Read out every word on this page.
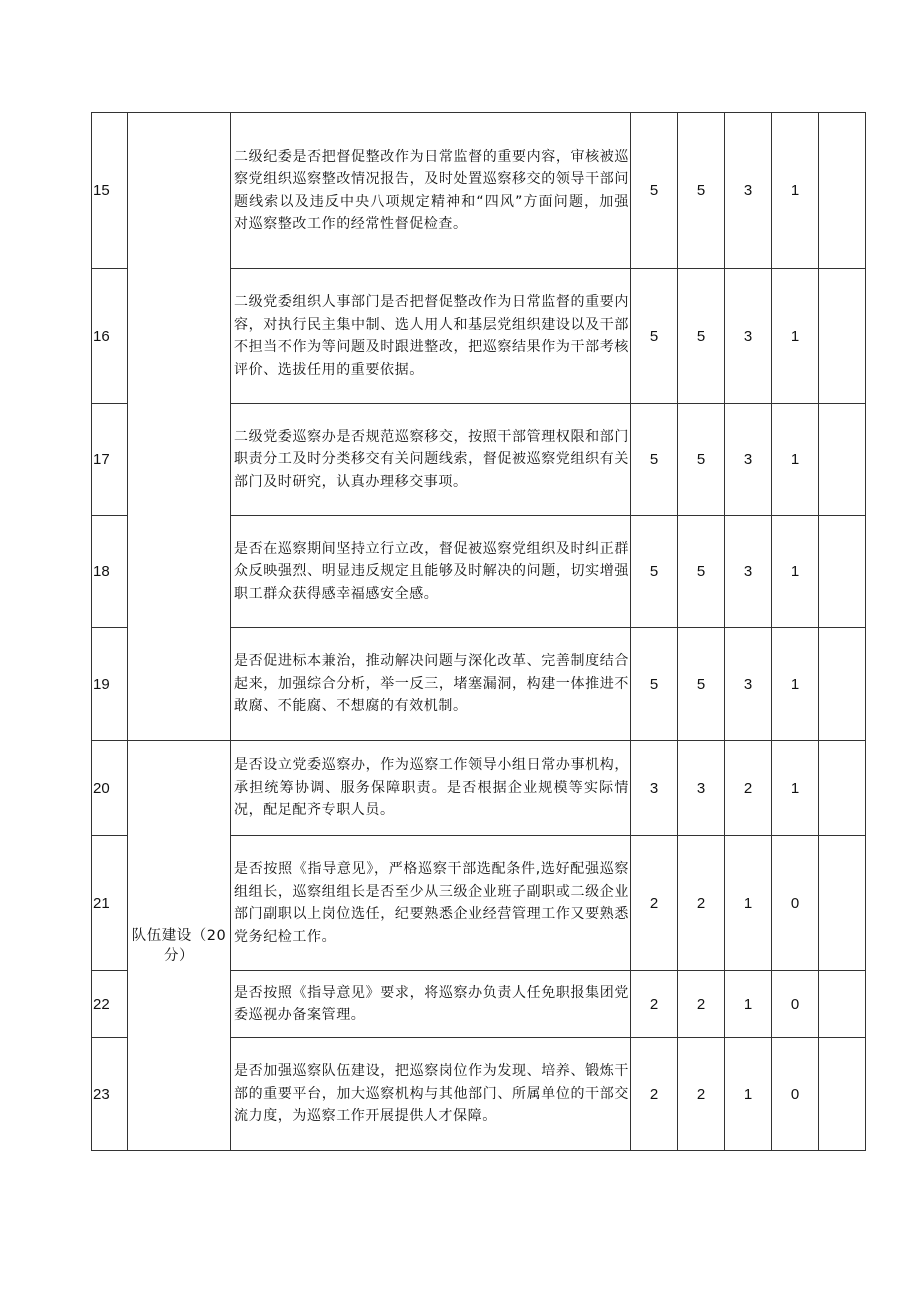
15		二级纪委是否把督促整改作为日常监督的重要内容，审核被巡察党组织巡察整改情况报告，及时处置巡察移交的领导干部问题线索以及违反中央八项规定精神和“四风”方面问题，加强对巡察整改工作的经常性督促检查。	5	5	3	1	
16		二级党委组织人事部门是否把督促整改作为日常监督的重要内容，对执行民主集中制、选人用人和基层党组织建设以及干部不担当不作为等问题及时跟进整改，把巡察结果作为干部考核评价、选拔任用的重要依据。	5	5	3	1	
17		二级党委巡察办是否规范巡察移交，按照干部管理权限和部门职责分工及时分类移交有关问题线索，督促被巡察党组织有关部门及时研究，认真办理移交事项。	5	5	3	1	
18		是否在巡察期间坚持立行立改，督促被巡察党组织及时纠正群众反映强烈、明显违反规定且能够及时解决的问题，切实增强职工群众获得感幸福感安全感。	5	5	3	1	
19		是否促进标本兼治，推动解决问题与深化改革、完善制度结合起来，加强综合分析，举一反三，堵塞漏洞，构建一体推进不敢腐、不能腐、不想腐的有效机制。	5	5	3	1	
20	队伍建设（20分）	是否设立党委巡察办，作为巡察工作领导小组日常办事机构，承担统筹协调、服务保障职责。是否根据企业规模等实际情况，配足配齐专职人员。	3	3	2	1	
21		是否按照《指导意见》，严格巡察干部选配条件,选好配强巡察组组长，巡察组组长是否至少从三级企业班子副职或二级企业部门副职以上岗位选任，纪要熟悉企业经营管理工作又要熟悉党务纪检工作。	2	2	1	0	
22		是否按照《指导意见》要求，将巡察办负责人任免职报集团党委巡视办备案管理。	2	2	1	0	
23		是否加强巡察队伍建设，把巡察岗位作为发现、培养、锻炼干部的重要平台，加大巡察机构与其他部门、所属单位的干部交流力度，为巡察工作开展提供人才保障。	2	2	1	0	
